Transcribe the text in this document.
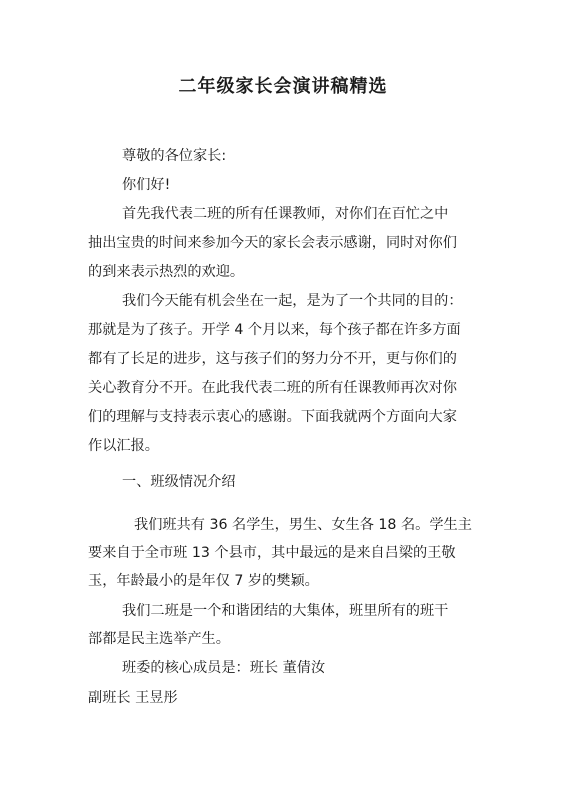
二年级家长会演讲稿精选
尊敬的各位家长:
你们好!
首先我代表二班的所有任课教师，对你们在百忙之中
抽出宝贵的时间来参加今天的家长会表示感谢，同时对你们
的到来表示热烈的欢迎。
我们今天能有机会坐在一起，是为了一个共同的目的：
那就是为了孩子。开学 4 个月以来，每个孩子都在许多方面
都有了长足的进步，这与孩子们的努力分不开，更与你们的
关心教育分不开。在此我代表二班的所有任课教师再次对你
们的理解与支持表示衷心的感谢。下面我就两个方面向大家
作以汇报。
一、班级情况介绍
我们班共有 36 名学生，男生、女生各 18 名。学生主
要来自于全市班 13 个县市，其中最远的是来自吕梁的王敬
玉，年龄最小的是年仅 7 岁的樊颖。
我们二班是一个和谐团结的大集体，班里所有的班干
部都是民主选举产生。
班委的核心成员是：班长 董倩汝
副班长 王昱彤
